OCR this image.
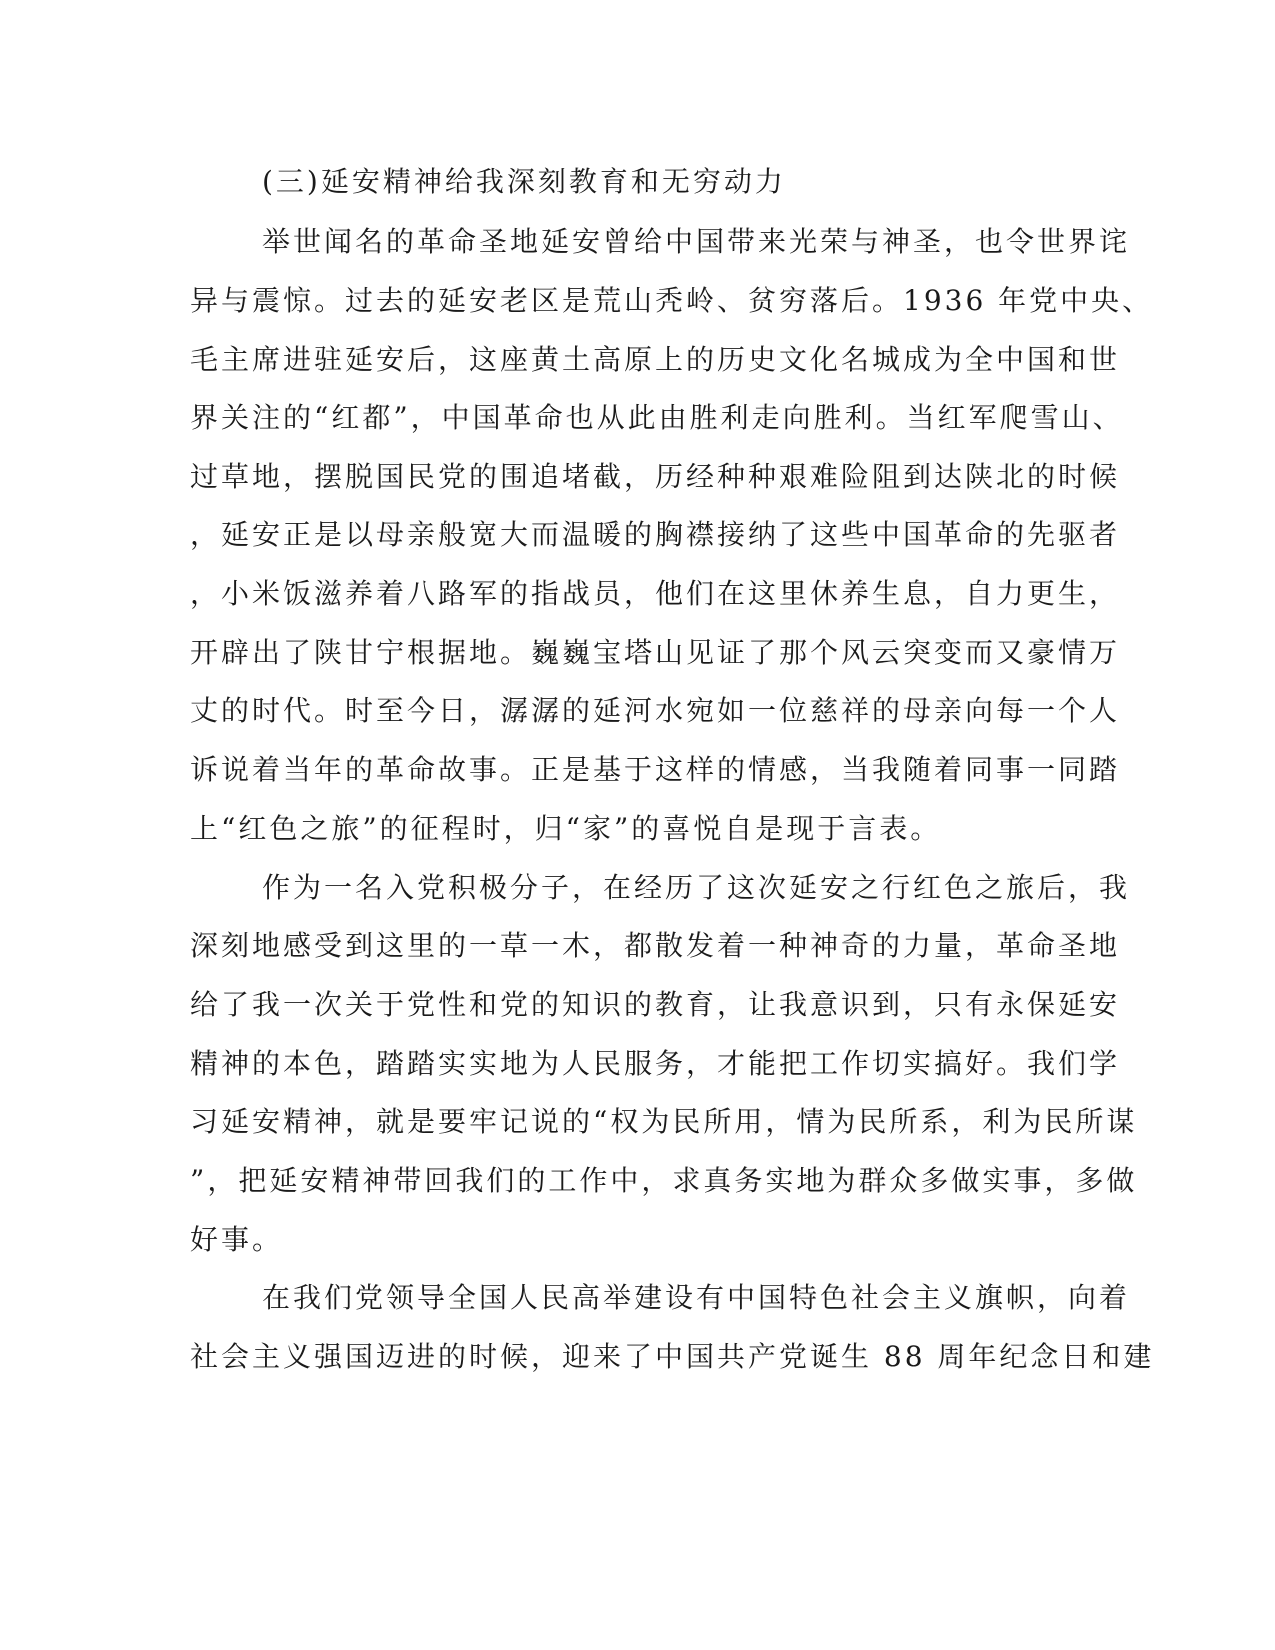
(三)延安精神给我深刻教育和无穷动力
举世闻名的革命圣地延安曾给中国带来光荣与神圣，也令世界诧
异与震惊。过去的延安老区是荒山秃岭、贫穷落后。1936 年党中央、
毛主席进驻延安后，这座黄土高原上的历史文化名城成为全中国和世
界关注的“红都”，中国革命也从此由胜利走向胜利。当红军爬雪山、
过草地，摆脱国民党的围追堵截，历经种种艰难险阻到达陕北的时候
，延安正是以母亲般宽大而温暖的胸襟接纳了这些中国革命的先驱者
，小米饭滋养着八路军的指战员，他们在这里休养生息，自力更生，
开辟出了陕甘宁根据地。巍巍宝塔山见证了那个风云突变而又豪情万
丈的时代。时至今日，潺潺的延河水宛如一位慈祥的母亲向每一个人
诉说着当年的革命故事。正是基于这样的情感，当我随着同事一同踏
上“红色之旅”的征程时，归“家”的喜悦自是现于言表。
作为一名入党积极分子，在经历了这次延安之行红色之旅后，我
深刻地感受到这里的一草一木，都散发着一种神奇的力量，革命圣地
给了我一次关于党性和党的知识的教育，让我意识到，只有永保延安
精神的本色，踏踏实实地为人民服务，才能把工作切实搞好。我们学
习延安精神，就是要牢记说的“权为民所用，情为民所系，利为民所谋
”，把延安精神带回我们的工作中，求真务实地为群众多做实事，多做
好事。
在我们党领导全国人民高举建设有中国特色社会主义旗帜，向着
社会主义强国迈进的时候，迎来了中国共产党诞生 88 周年纪念日和建
